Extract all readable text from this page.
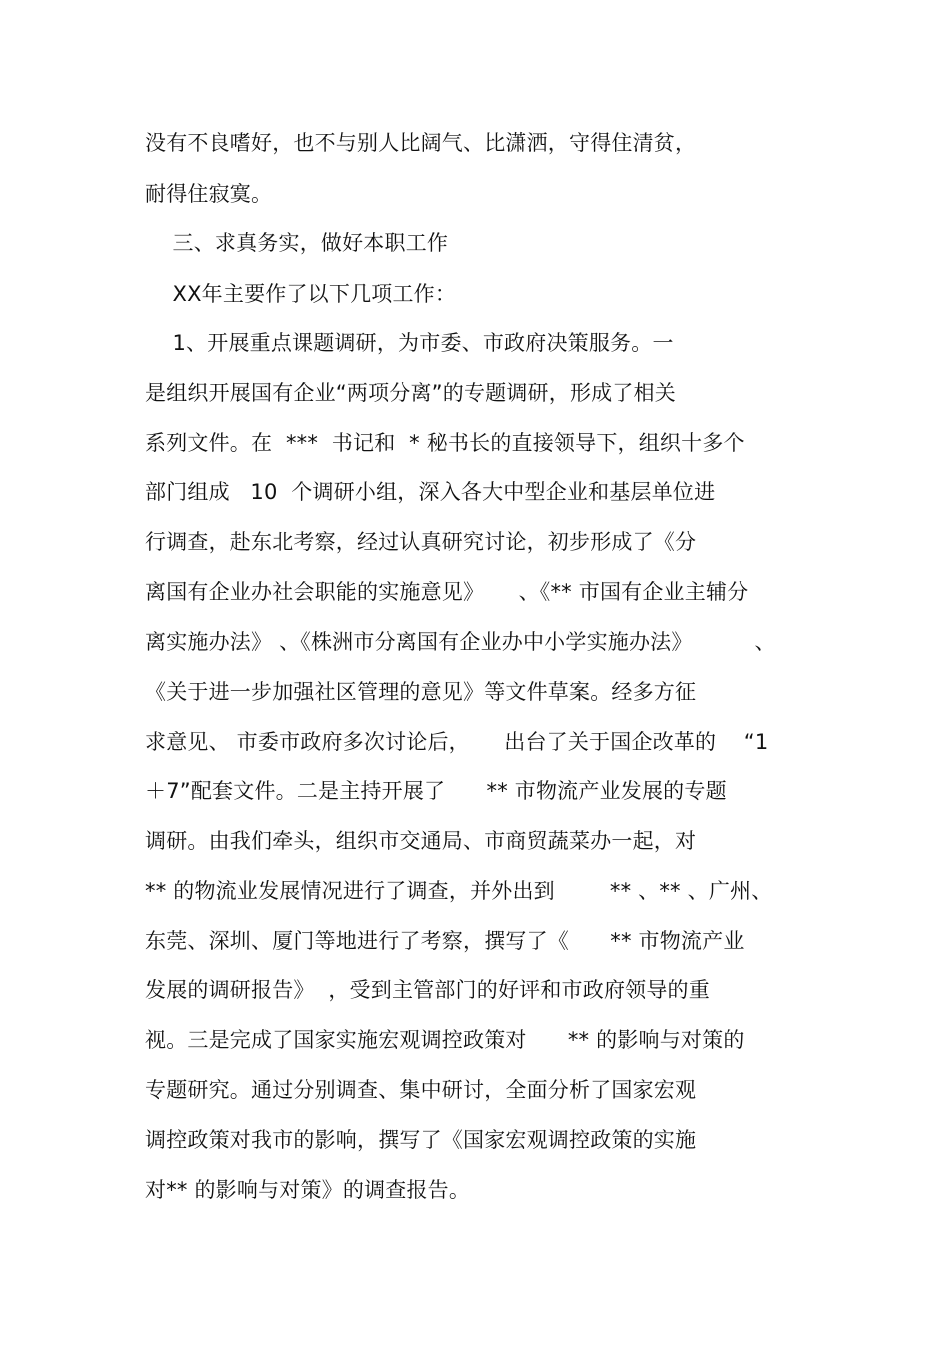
没有不良嗜好，也不与别人比阔气、比潇洒，守得住清贫，
耐得住寂寞。
三、求真务实，做好本职工作
XX年主要作了以下几项工作：
1、开展重点课题调研，为市委、市政府决策服务。一
是组织开展国有企业“两项分离”的专题调研，形成了相关
系列文件。在  ***  书记和  * 秘书长的直接领导下，组织十多个
部门组成   10  个调研小组，深入各大中型企业和基层单位进
行调查，赴东北考察，经过认真研究讨论，初步形成了《分
离国有企业办社会职能的实施意见》     、《** 市国有企业主辅分
离实施办法》 、《株洲市分离国有企业办中小学实施办法》         、
《关于进一步加强社区管理的意见》等文件草案。经多方征
求意见、 市委市政府多次讨论后，     出台了关于国企改革的    “1
＋7”配套文件。二是主持开展了      ** 市物流产业发展的专题
调研。由我们牵头，组织市交通局、市商贸蔬菜办一起，对
** 的物流业发展情况进行了调查，并外出到        ** 、** 、广州、
东莞、深圳、厦门等地进行了考察，撰写了《      ** 市物流产业
发展的调研报告》  ，受到主管部门的好评和市政府领导的重
视。三是完成了国家实施宏观调控政策对      ** 的影响与对策的
专题研究。通过分别调查、集中研讨，全面分析了国家宏观
调控政策对我市的影响，撰写了《国家宏观调控政策的实施
对** 的影响与对策》的调查报告。
